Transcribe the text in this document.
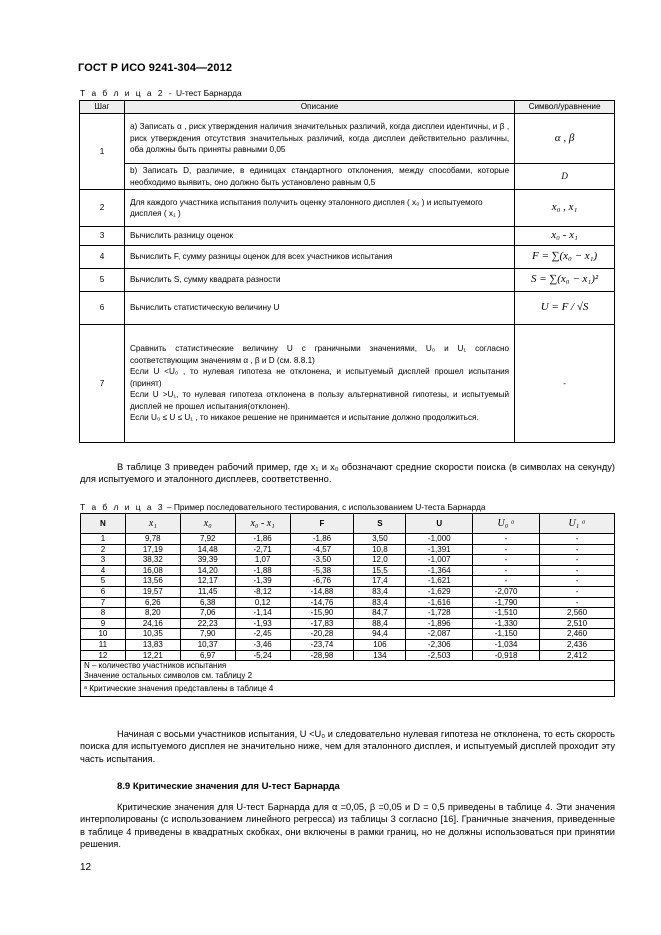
ГОСТ Р ИСО 9241-304—2012
Т а б л и ц а 2 - U-тест Барнарда
Шаг	Описание	Символ/уравнение
1	а) Записать α , риск утверждения наличия значительных различий, когда дисплеи идентичны, и β , риск утверждения отсутствия значительных различий, когда дисплеи действительно различны, оба должны быть приняты равными 0,05	α , β
	b) Записать D, различие, в единицах стандартного отклонения, между способами, которые необходимо выявить, оно должно быть установлено равным 0,5	D
2	Для каждого участника испытания получить оценку эталонного дисплея ( x₀ ) и испытуемого дисплея ( x₁ )	x₀ , x₁
3	Вычислить разницу оценок	x₀ - x₁
4	Вычислить F, сумму разницы оценок для всех участников испытания	F = ∑(x₀ − x₁)
5	Вычислить S, сумму квадрата разности	S = ∑(x₀ − x₁)²
6	Вычислить статистическую величину U	U = F / √S
7	Сравнить статистические величину U с граничными значениями, U₀ и U₁ согласно соответствующим значениям α , β и D (см. 8.8.1)
Если U <U₀ , то нулевая гипотеза не отклонена, и испытуемый дисплей прошел испытания (принят)
Если U >U₁, то нулевая гипотеза отклонена в пользу альтернативной гипотезы, и испытуемый дисплей не прошел испытания(отклонен).
Если U₀ ≤ U ≤ U₁ , то никакое решение не принимается и испытание должно продолжиться.	-
В таблице 3 приведен рабочий пример, где x₁ и x₀ обозначают средние скорости поиска (в символах на секунду) для испытуемого и эталонного дисплеев, соответственно.
Т а б л и ц а 3 – Пример последовательного тестирования, с использованием U-теста Барнарда
N	x₁	x₀	x₀ - x₁	F	S	U	U₀ ᵃ	U₁ ᵃ
1	9,78	7,92	-1,86	-1,86	3,50	-1,000	-	-
2	17,19	14,48	-2,71	-4,57	10,8	-1,391	-	-
3	38,32	39,39	1,07	-3,50	12,0	-1,007	-	-
4	16,08	14,20	-1,88	-5,38	15,5	-1,364	-	-
5	13,56	12,17	-1,39	-6,76	17,4	-1,621	-	-
6	19,57	11,45	-8,12	-14,88	83,4	-1,629	-2,070	-
7	6,26	6,38	0,12	-14,76	83,4	-1,616	-1,790	-
8	8,20	7,06	-1,14	-15,90	84,7	-1,728	-1,510	2,560
9	24,16	22,23	-1,93	-17,83	88,4	-1,896	-1,330	2,510
10	10,35	7,90	-2,45	-20,28	94,4	-2,087	-1,150	2,460
11	13,83	10,37	-3,46	-23,74	106	-2,306	-1,034	2,436
12	12,21	6,97	-5,24	-28,98	134	-2,503	-0,918	2,412

N – количество участников испытания
Значение остальных символов см. таблицу 2								

ᵃ Критические значения представлены в таблице 4								
Начиная с восьми участников испытания, U <U₀ и следовательно нулевая гипотеза не отклонена, то есть скорость поиска для испытуемого дисплея не значительно ниже, чем для эталонного дисплея, и испытуемый дисплей проходит эту часть испытания.
8.9 Критические значения для U-тест Барнарда
Критические значения для U-тест Барнарда для α =0,05, β =0,05 и D = 0,5 приведены в таблице 4. Эти значения интерполированы (с использованием линейного регресса) из таблицы 3 согласно [16]. Граничные значения, приведенные в таблице 4 приведены в квадратных скобках, они включены в рамки границ, но не должны использоваться при принятии решения.
12
